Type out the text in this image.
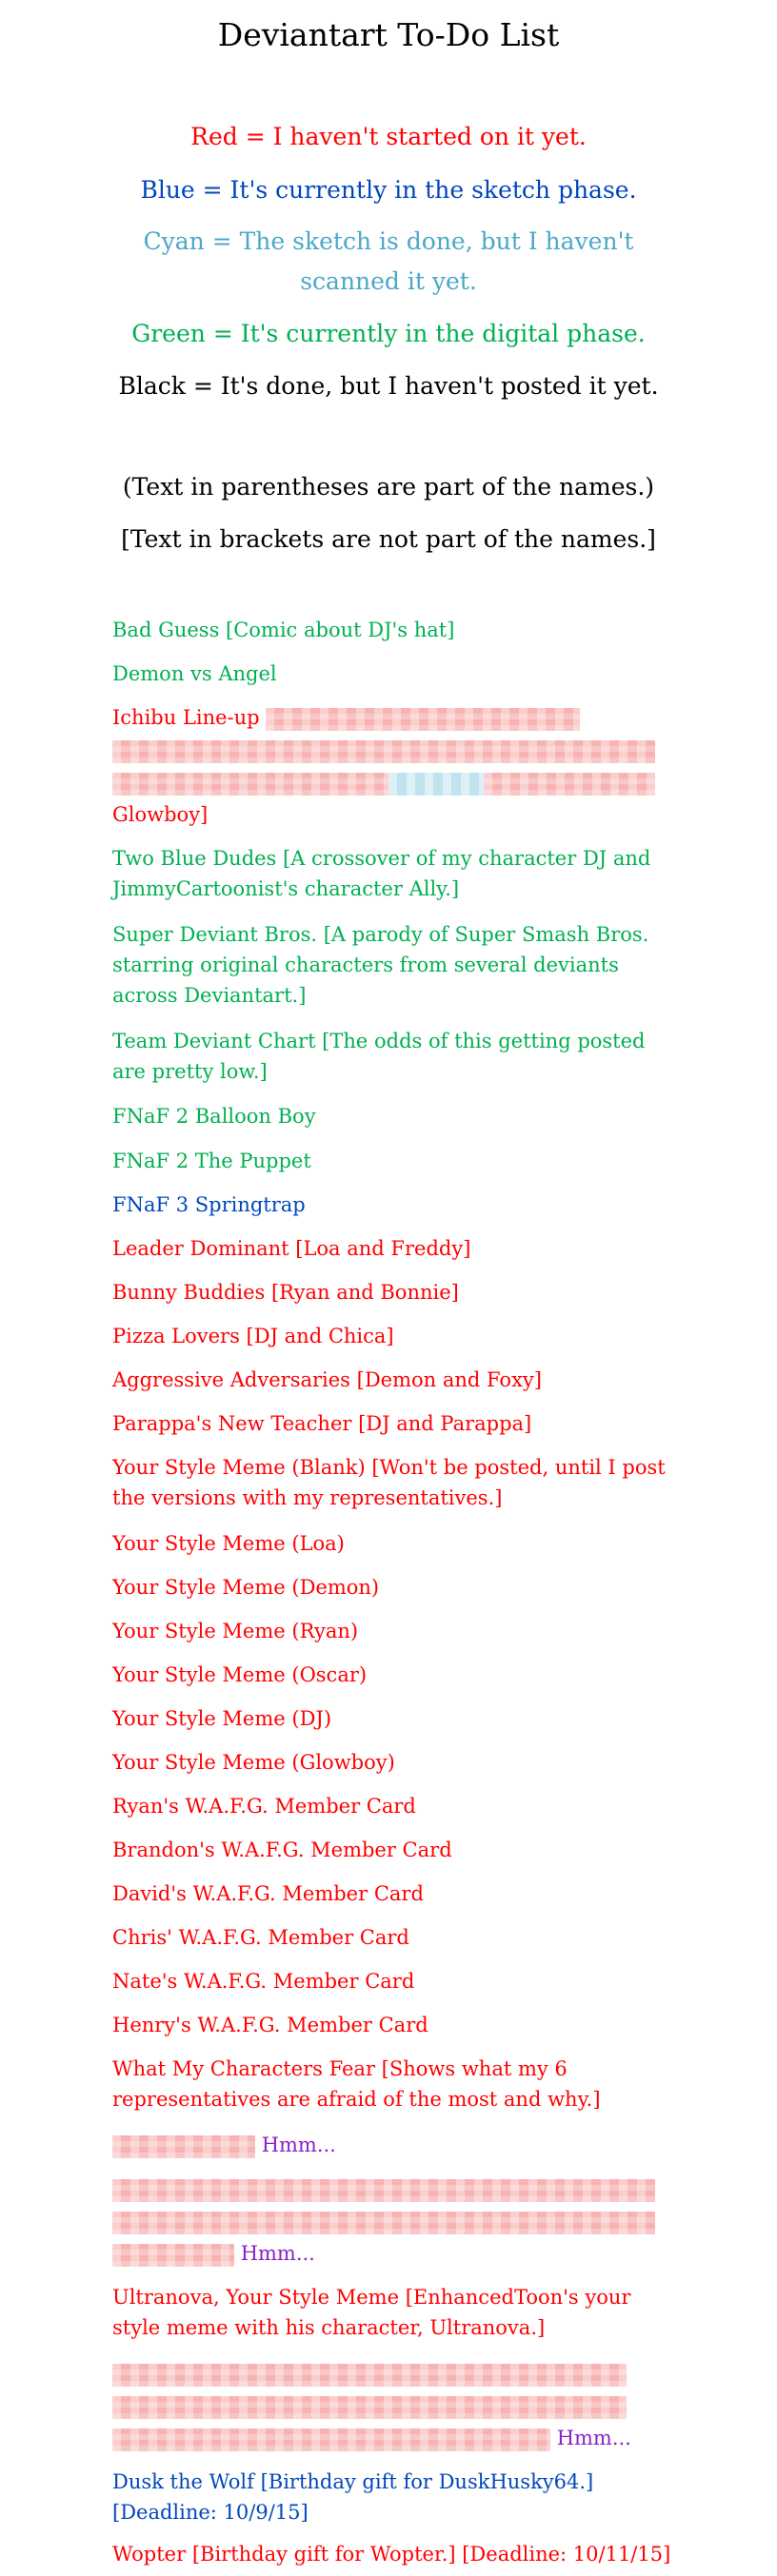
Deviantart To-Do List
Red = I haven't started on it yet.
Blue = It's currently in the sketch phase.
Cyan = The sketch is done, but I haven't
scanned it yet.
Green = It's currently in the digital phase.
Black = It's done, but I haven't posted it yet.
(Text in parentheses are part of the names.)
[Text in brackets are not part of the names.]
Bad Guess [Comic about DJ's hat]
Demon vs Angel
Ichibu Line-up
Glowboy]
Two Blue Dudes [A crossover of my character DJ and
JimmyCartoonist's character Ally.]
Super Deviant Bros. [A parody of Super Smash Bros.
starring original characters from several deviants
across Deviantart.]
Team Deviant Chart [The odds of this getting posted
are pretty low.]
FNaF 2 Balloon Boy
FNaF 2 The Puppet
FNaF 3 Springtrap
Leader Dominant [Loa and Freddy]
Bunny Buddies [Ryan and Bonnie]
Pizza Lovers [DJ and Chica]
Aggressive Adversaries [Demon and Foxy]
Parappa's New Teacher [DJ and Parappa]
Your Style Meme (Blank) [Won't be posted, until I post
the versions with my representatives.]
Your Style Meme (Loa)
Your Style Meme (Demon)
Your Style Meme (Ryan)
Your Style Meme (Oscar)
Your Style Meme (DJ)
Your Style Meme (Glowboy)
Ryan's W.A.F.G. Member Card
Brandon's W.A.F.G. Member Card
David's W.A.F.G. Member Card
Chris' W.A.F.G. Member Card
Nate's W.A.F.G. Member Card
Henry's W.A.F.G. Member Card
What My Characters Fear [Shows what my 6
representatives are afraid of the most and why.]
Hmm...
Hmm...
Ultranova, Your Style Meme [EnhancedToon's your
style meme with his character, Ultranova.]
Hmm...
Dusk the Wolf [Birthday gift for DuskHusky64.]
[Deadline: 10/9/15]
Wopter [Birthday gift for Wopter.] [Deadline: 10/11/15]
